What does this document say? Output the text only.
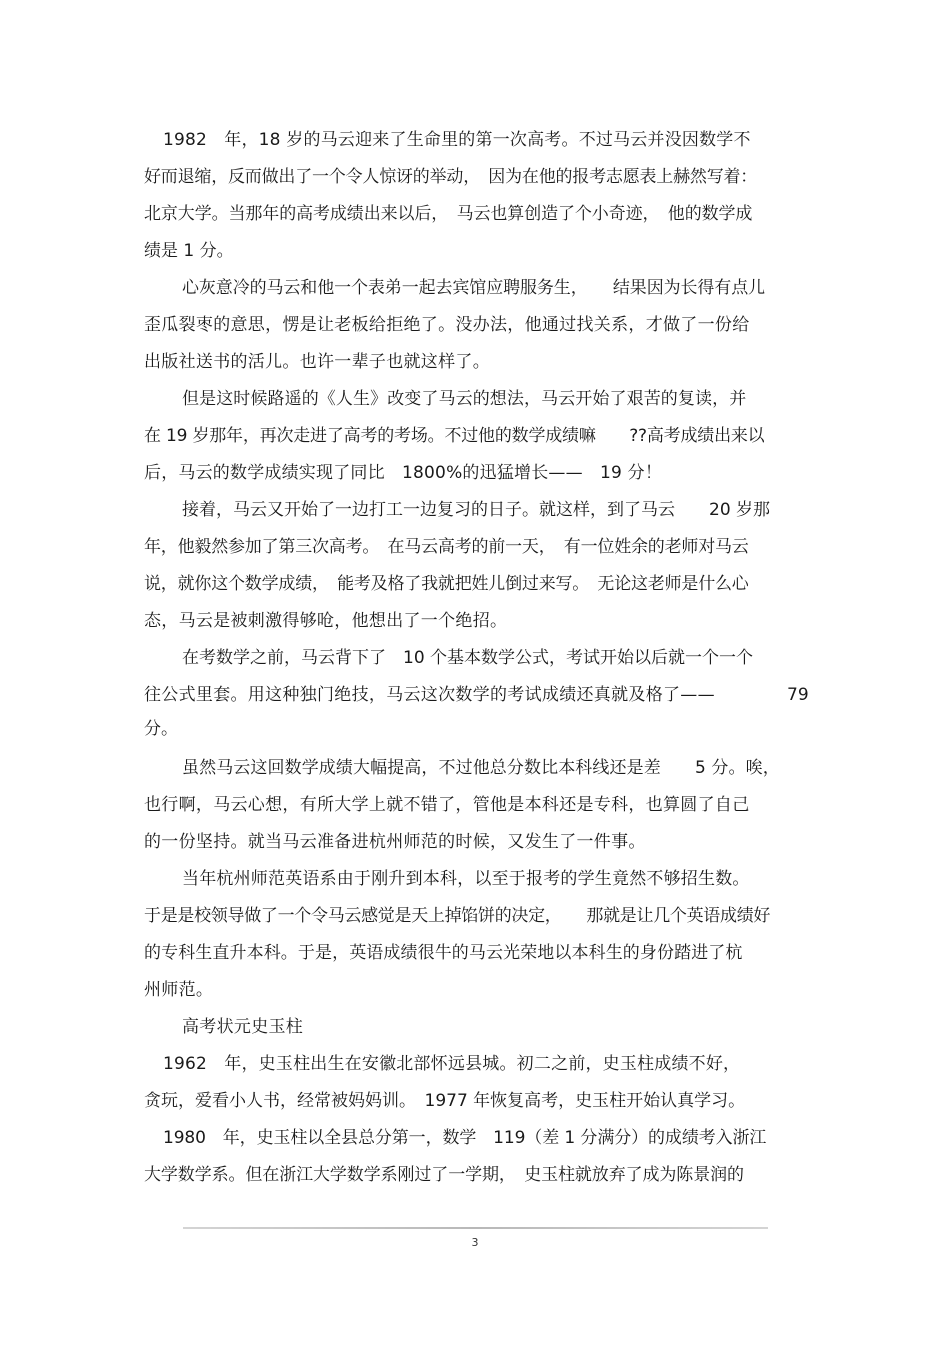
1982　年，18 岁的马云迎来了生命里的第一次高考。不过马云并没因数学不

好而退缩，反而做出了一个令人惊讶的举动，　因为在他的报考志愿表上赫然写着：

北京大学。当那年的高考成绩出来以后，　马云也算创造了个小奇迹，　他的数学成

绩是 1 分。

心灰意冷的马云和他一个表弟一起去宾馆应聘服务生，　　结果因为长得有点儿

歪瓜裂枣的意思，愣是让老板给拒绝了。没办法，他通过找关系，才做了一份给

出版社送书的活儿。也许一辈子也就这样了。

但是这时候路遥的《人生》改变了马云的想法，马云开始了艰苦的复读，并

在 19 岁那年，再次走进了高考的考场。不过他的数学成绩嘛　　??高考成绩出来以

后，马云的数学成绩实现了同比　1800%的迅猛增长——　19 分！

接着，马云又开始了一边打工一边复习的日子。就这样，到了马云　　20 岁那

年，他毅然参加了第三次高考。　在马云高考的前一天，　有一位姓余的老师对马云

说，就你这个数学成绩，　能考及格了我就把姓儿倒过来写。　无论这老师是什么心

态，马云是被刺激得够呛，他想出了一个绝招。

在考数学之前，马云背下了　10 个基本数学公式，考试开始以后就一个一个

往公式里套。用这种独门绝技，马云这次数学的考试成绩还真就及格了——	79

分。

虽然马云这回数学成绩大幅提高，不过他总分数比本科线还是差　　5 分。唉，

也行啊，马云心想，有所大学上就不错了，管他是本科还是专科，也算圆了自己

的一份坚持。就当马云准备进杭州师范的时候，又发生了一件事。

当年杭州师范英语系由于刚升到本科，以至于报考的学生竟然不够招生数。

于是是校领导做了一个令马云感觉是天上掉馅饼的决定，　　那就是让几个英语成绩好

的专科生直升本科。于是，英语成绩很牛的马云光荣地以本科生的身份踏进了杭

州师范。

高考状元史玉柱

1962　年，史玉柱出生在安徽北部怀远县城。初二之前，史玉柱成绩不好，

贪玩，爱看小人书，经常被妈妈训。　1977 年恢复高考，史玉柱开始认真学习。

1980　年，史玉柱以全县总分第一，数学　119（差 1 分满分）的成绩考入浙江

大学数学系。但在浙江大学数学系刚过了一学期，　史玉柱就放弃了成为陈景润的

3
